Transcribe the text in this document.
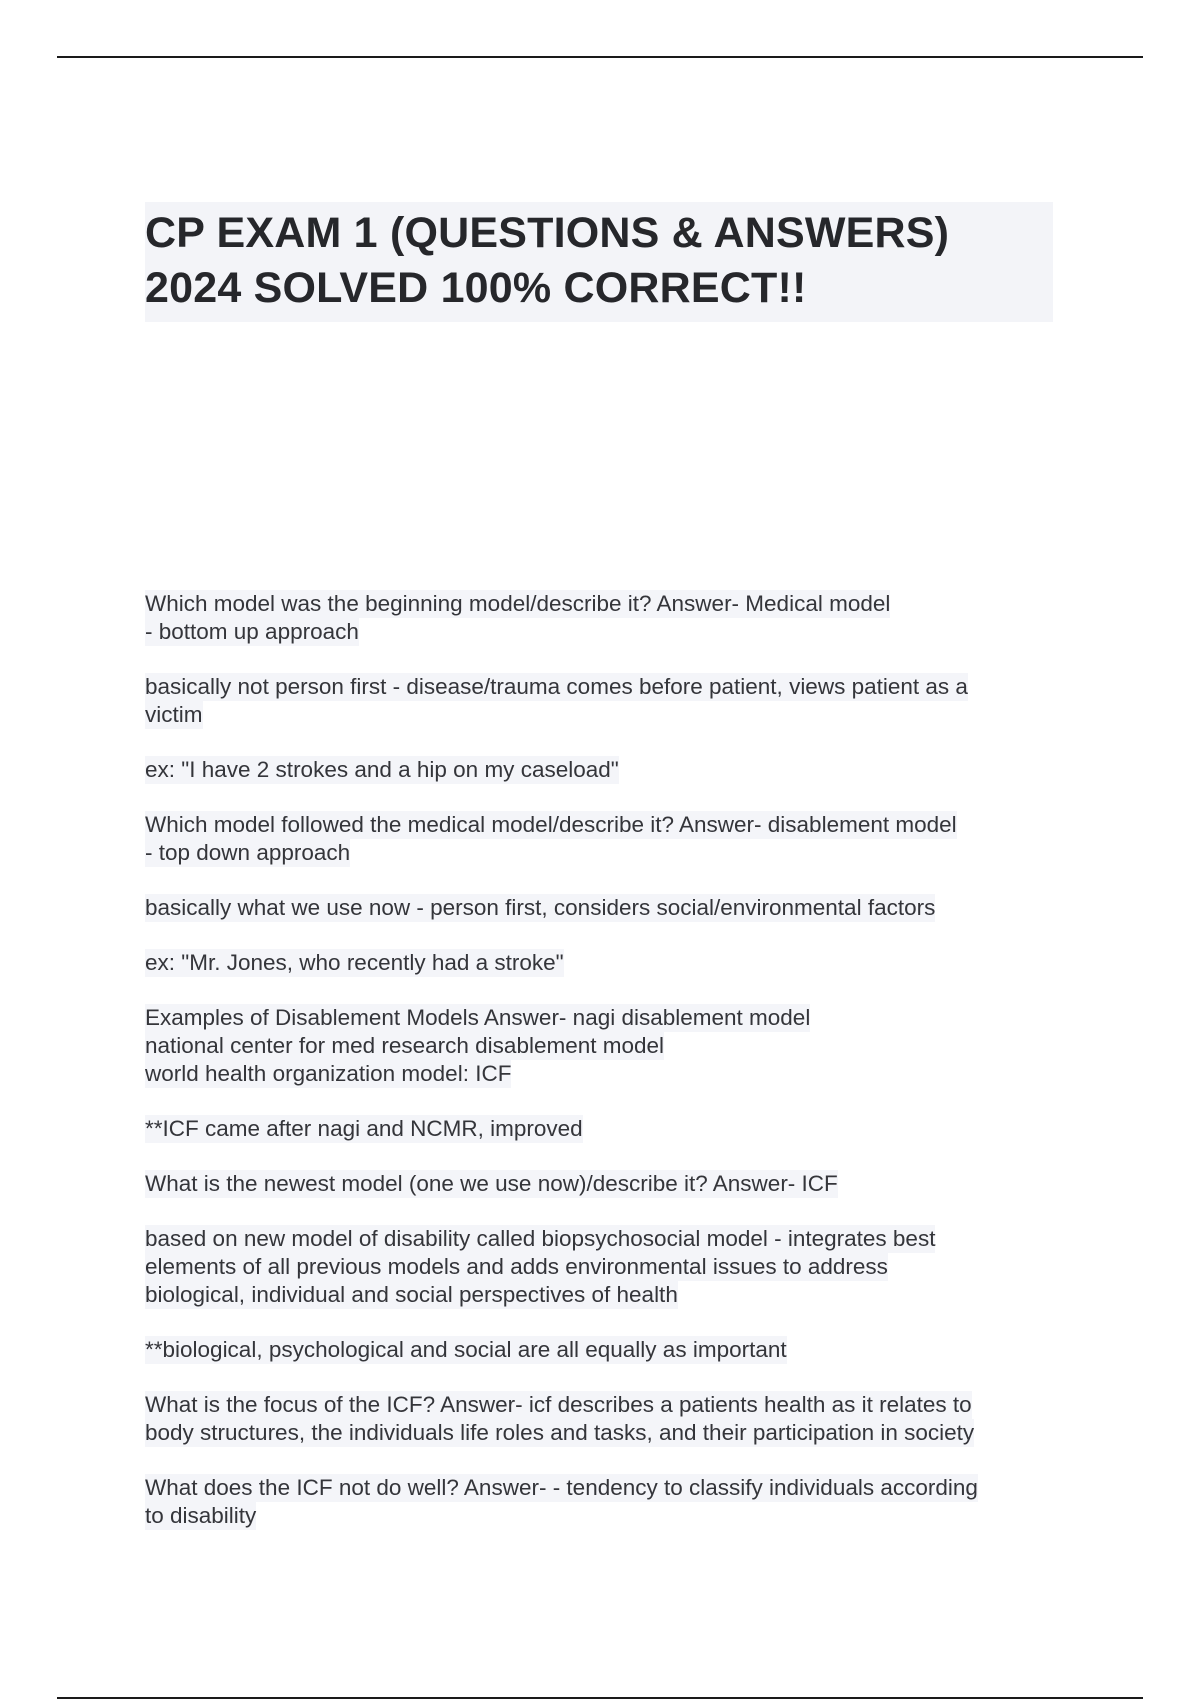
CP EXAM 1 (QUESTIONS & ANSWERS)
2024 SOLVED 100% CORRECT!!
Which model was the beginning model/describe it? Answer- Medical model
- bottom up approach
basically not person first - disease/trauma comes before patient, views patient as a
victim
ex: "I have 2 strokes and a hip on my caseload"
Which model followed the medical model/describe it? Answer- disablement model
- top down approach
basically what we use now - person first, considers social/environmental factors
ex: "Mr. Jones, who recently had a stroke"
Examples of Disablement Models Answer- nagi disablement model
national center for med research disablement model
world health organization model: ICF
**ICF came after nagi and NCMR, improved
What is the newest model (one we use now)/describe it? Answer- ICF
based on new model of disability called biopsychosocial model - integrates best
elements of all previous models and adds environmental issues to address
biological, individual and social perspectives of health
**biological, psychological and social are all equally as important
What is the focus of the ICF? Answer- icf describes a patients health as it relates to
body structures, the individuals life roles and tasks, and their participation in society
What does the ICF not do well? Answer- - tendency to classify individuals according
to disability
